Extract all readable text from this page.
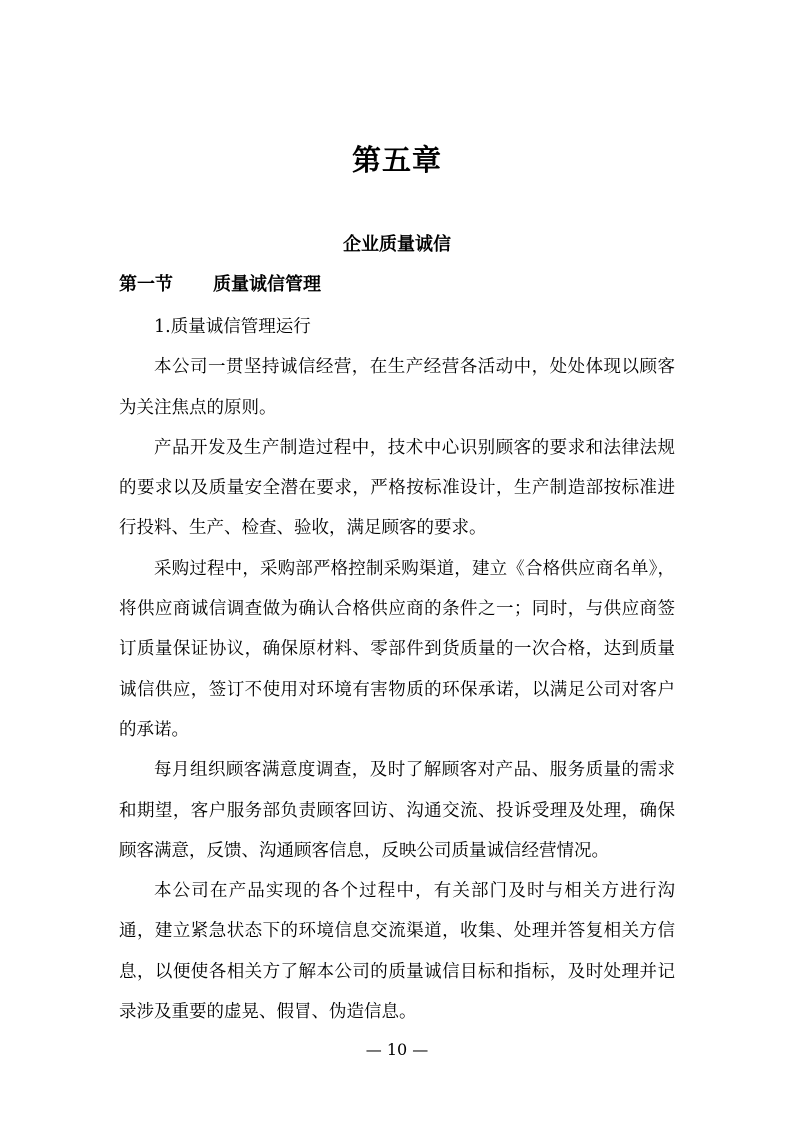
第五章
企业质量诚信
第一节 质量诚信管理

1.质量诚信管理运行

本公司一贯坚持诚信经营，在生产经营各活动中，处处体现以顾客为关注焦点的原则。

产品开发及生产制造过程中，技术中心识别顾客的要求和法律法规的要求以及质量安全潜在要求，严格按标准设计，生产制造部按标准进行投料、生产、检查、验收，满足顾客的要求。

采购过程中，采购部严格控制采购渠道，建立《合格供应商名单》，将供应商诚信调查做为确认合格供应商的条件之一；同时，与供应商签订质量保证协议，确保原材料、零部件到货质量的一次合格，达到质量诚信供应，签订不使用对环境有害物质的环保承诺，以满足公司对客户的承诺。

每月组织顾客满意度调查，及时了解顾客对产品、服务质量的需求和期望，客户服务部负责顾客回访、沟通交流、投诉受理及处理，确保顾客满意，反馈、沟通顾客信息，反映公司质量诚信经营情况。

本公司在产品实现的各个过程中，有关部门及时与相关方进行沟通，建立紧急状态下的环境信息交流渠道，收集、处理并答复相关方信息，以便使各相关方了解本公司的质量诚信目标和指标，及时处理并记录涉及重要的虚晃、假冒、伪造信息。

— 10 —
